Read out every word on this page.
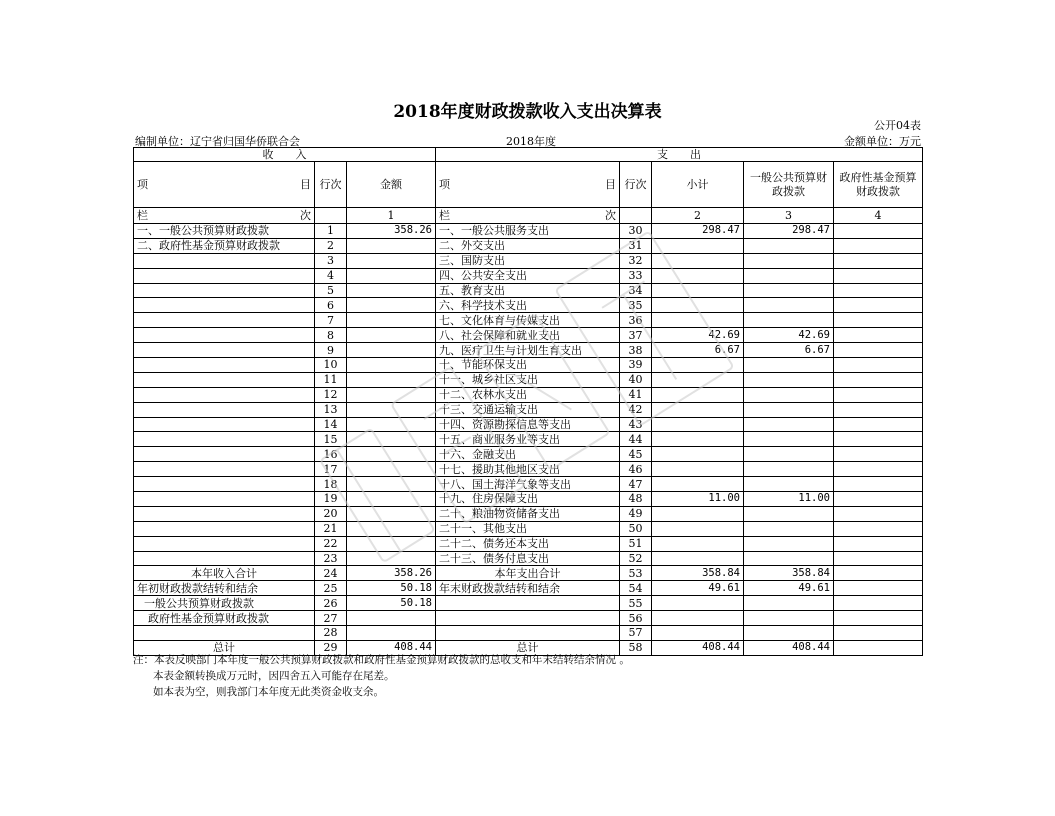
2018年度财政拨款收入支出决算表
公开04表
编制单位：辽宁省归国华侨联合会	2018年度	金额单位：万元
收　　入			支　　出				

项 目	行次	金额	项 目	行次	小计	一般公共预算财政拨款	政府性基金预算财政拨款

栏 次		1	栏 次		2	3	4
一、一般公共预算财政拨款	1	358.26	一、一般公共服务支出	30	298.47	298.47	
二、政府性基金预算财政拨款	2		二、外交支出	31			
	3		三、国防支出	32			
	4		四、公共安全支出	33			
	5		五、教育支出	34			
	6		六、科学技术支出	35			
	7		七、文化体育与传媒支出	36			
	8		八、社会保障和就业支出	37	42.69	42.69	
	9		九、医疗卫生与计划生育支出	38	6.67	6.67	
	10		十、节能环保支出	39			
	11		十一、城乡社区支出	40			
	12		十二、农林水支出	41			
	13		十三、交通运输支出	42			
	14		十四、资源勘探信息等支出	43			
	15		十五、商业服务业等支出	44			
	16		十六、金融支出	45			
	17		十七、援助其他地区支出	46			
	18		十八、国土海洋气象等支出	47			
	19		十九、住房保障支出	48	11.00	11.00	
	20		二十、粮油物资储备支出	49			
	21		二十一、其他支出	50			
	22		二十二、债务还本支出	51			
	23		二十三、债务付息支出	52			
本年收入合计	24	358.26	本年支出合计	53	358.84	358.84	
年初财政拨款结转和结余	25	50.18	年末财政拨款结转和结余	54	49.61	49.61	
一般公共预算财政拨款	26	50.18		55			
政府性基金预算财政拨款	27			56			
	28			57			
总计	29	408.44	总计	58	408.44	408.44	
注：本表反映部门本年度一般公共预算财政拨款和政府性基金预算财政拨款的总收支和年末结转结余情况 。
本表金额转换成万元时，因四舍五入可能存在尾差。
如本表为空，则我部门本年度无此类资金收支余。
